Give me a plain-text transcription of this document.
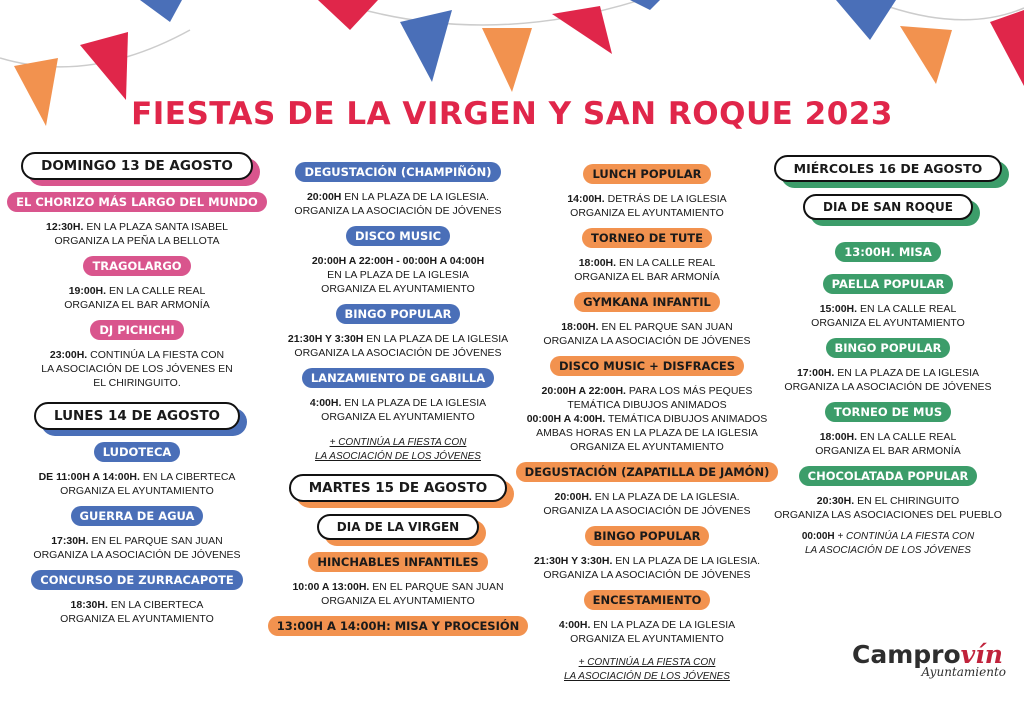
FIESTAS DE LA VIRGEN Y SAN ROQUE 2023
DOMINGO 13 DE AGOSTO
EL CHORIZO MÁS LARGO DEL MUNDO
12:30H. EN LA PLAZA SANTA ISABEL
ORGANIZA LA PEÑA LA BELLOTA
TRAGOLARGO
19:00H. EN LA CALLE REAL
ORGANIZA EL BAR ARMONÍA
DJ PICHICHI
23:00H. CONTINÚA LA FIESTA CON
LA ASOCIACIÓN DE LOS JÓVENES EN
EL CHIRINGUITO.
LUNES 14 DE AGOSTO
LUDOTECA
DE 11:00H A 14:00H. EN LA CIBERTECA
ORGANIZA EL AYUNTAMIENTO
GUERRA DE AGUA
17:30H. EN EL PARQUE SAN JUAN
ORGANIZA LA ASOCIACIÓN DE JÓVENES
CONCURSO DE ZURRACAPOTE
18:30H. EN LA CIBERTECA
ORGANIZA EL AYUNTAMIENTO
DEGUSTACIÓN (CHAMPIÑÓN)
20:00H EN LA PLAZA DE LA IGLESIA.
ORGANIZA LA ASOCIACIÓN DE JÓVENES
DISCO MUSIC
20:00H A 22:00H - 00:00H A 04:00H
EN LA PLAZA DE LA IGLESIA
ORGANIZA EL AYUNTAMIENTO
BINGO POPULAR
21:30H Y 3:30H EN LA PLAZA DE LA IGLESIA
ORGANIZA LA ASOCIACIÓN DE JÓVENES
LANZAMIENTO DE GABILLA
4:00H. EN LA PLAZA DE LA IGLESIA
ORGANIZA EL AYUNTAMIENTO
+ CONTINÚA LA FIESTA CON
LA ASOCIACIÓN DE LOS JÓVENES
MARTES 15 DE AGOSTO
DIA DE LA VIRGEN
HINCHABLES INFANTILES
10:00 A 13:00H. EN EL PARQUE SAN JUAN
ORGANIZA EL AYUNTAMIENTO
13:00H A 14:00H: MISA Y PROCESIÓN
LUNCH POPULAR
14:00H. DETRÁS DE LA IGLESIA
ORGANIZA EL AYUNTAMIENTO
TORNEO DE TUTE
18:00H. EN LA CALLE REAL
ORGANIZA EL BAR ARMONÍA
GYMKANA INFANTIL
18:00H. EN EL PARQUE SAN JUAN
ORGANIZA LA ASOCIACIÓN DE JÓVENES
DISCO MUSIC + DISFRACES
20:00H A 22:00H. PARA LOS MÁS PEQUES
TEMÁTICA DIBUJOS ANIMADOS
00:00H A 4:00H. TEMÁTICA DIBUJOS ANIMADOS
AMBAS HORAS EN LA PLAZA DE LA IGLESIA
ORGANIZA EL AYUNTAMIENTO
DEGUSTACIÓN (ZAPATILLA DE JAMÓN)
20:00H. EN LA PLAZA DE LA IGLESIA.
ORGANIZA LA ASOCIACIÓN DE JÓVENES
BINGO POPULAR
21:30H Y 3:30H. EN LA PLAZA DE LA IGLESIA.
ORGANIZA LA ASOCIACIÓN DE JÓVENES
ENCESTAMIENTO
4:00H. EN LA PLAZA DE LA IGLESIA
ORGANIZA EL AYUNTAMIENTO
+ CONTINÚA LA FIESTA CON
LA ASOCIACIÓN DE LOS JÓVENES
MIÉRCOLES 16 DE AGOSTO
DIA DE SAN ROQUE
13:00H. MISA
PAELLA POPULAR
15:00H. EN LA CALLE REAL
ORGANIZA EL AYUNTAMIENTO
BINGO POPULAR
17:00H. EN LA PLAZA DE LA IGLESIA
ORGANIZA LA ASOCIACIÓN DE JÓVENES
TORNEO DE MUS
18:00H. EN LA CALLE REAL
ORGANIZA EL BAR ARMONÍA
CHOCOLATADA POPULAR
20:30H. EN EL CHIRINGUITO
ORGANIZA LAS ASOCIACIONES DEL PUEBLO
00:00H + CONTINÚA LA FIESTA CON
LA ASOCIACIÓN DE LOS JÓVENES
Camprovín
Ayuntamiento
